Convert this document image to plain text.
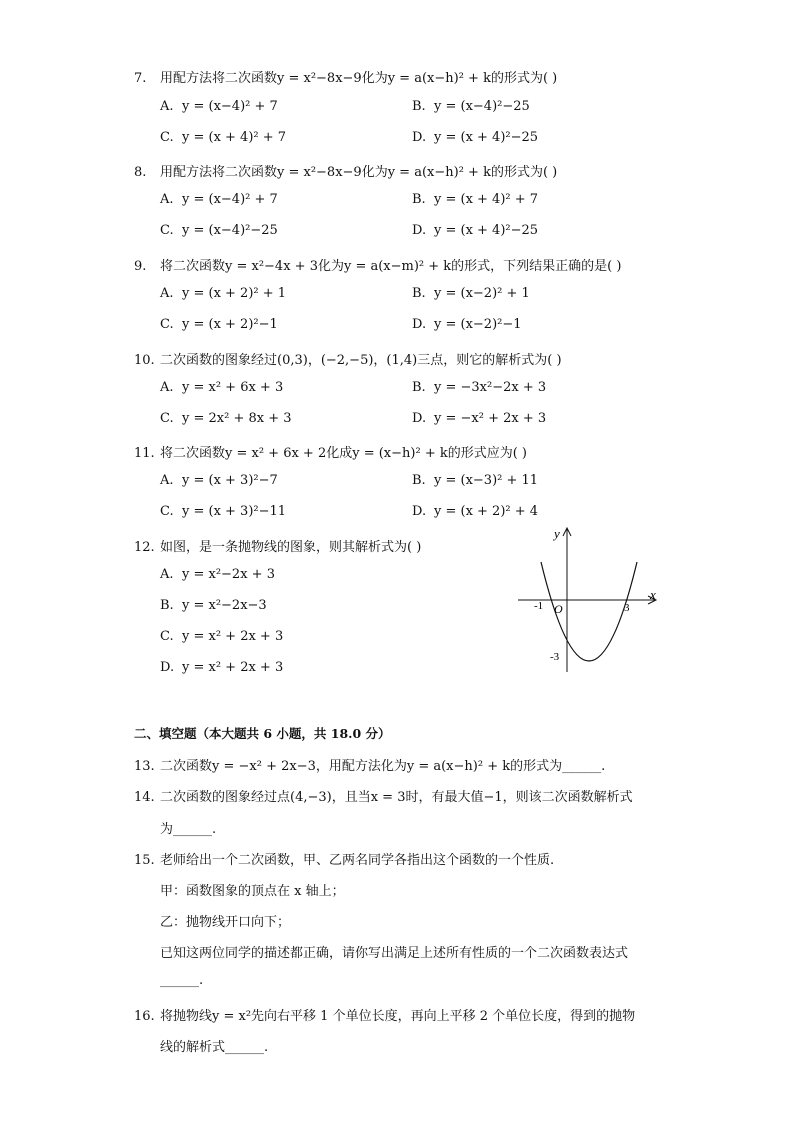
7. 用配方法将二次函数y = x²−8x−9化为y = a(x−h)² + k的形式为( )
A. y = (x−4)² + 7	B. y = (x−4)²−25
C. y = (x + 4)² + 7	D. y = (x + 4)²−25
8. 用配方法将二次函数y = x²−8x−9化为y = a(x−h)² + k的形式为( )
A. y = (x−4)² + 7	B. y = (x + 4)² + 7
C. y = (x−4)²−25	D. y = (x + 4)²−25
9. 将二次函数y = x²−4x + 3化为y = a(x−m)² + k的形式，下列结果正确的是( )
A. y = (x + 2)² + 1	B. y = (x−2)² + 1
C. y = (x + 2)²−1	D. y = (x−2)²−1
10. 二次函数的图象经过(0,3)，(−2,−5)，(1,4)三点，则它的解析式为( )
A. y = x² + 6x + 3	B. y = −3x²−2x + 3
C. y = 2x² + 8x + 3	D. y = −x² + 2x + 3
11. 将二次函数y = x² + 6x + 2化成y = (x−h)² + k的形式应为( )
A. y = (x + 3)²−7	B. y = (x−3)² + 11
C. y = (x + 3)²−11	D. y = (x + 2)² + 4
12. 如图，是一条抛物线的图象，则其解析式为( )
A. y = x²−2x + 3
B. y = x²−2x−3
C. y = x² + 2x + 3
D. y = x² + 2x + 3
y
x
O
-1	3
-3
二、填空题（本大题共 6 小题，共 18.0 分）
13. 二次函数y = −x² + 2x−3，用配方法化为y = a(x−h)² + k的形式为______.
14. 二次函数的图象经过点(4,−3)，且当x = 3时，有最大值−1，则该二次函数解析式
为______.
15. 老师给出一个二次函数，甲、乙两名同学各指出这个函数的一个性质.
甲：函数图象的顶点在 x 轴上；
乙：抛物线开口向下；
已知这两位同学的描述都正确，请你写出满足上述所有性质的一个二次函数表达式
______.
16. 将抛物线y = x²先向右平移 1 个单位长度，再向上平移 2 个单位长度，得到的抛物
线的解析式______.
